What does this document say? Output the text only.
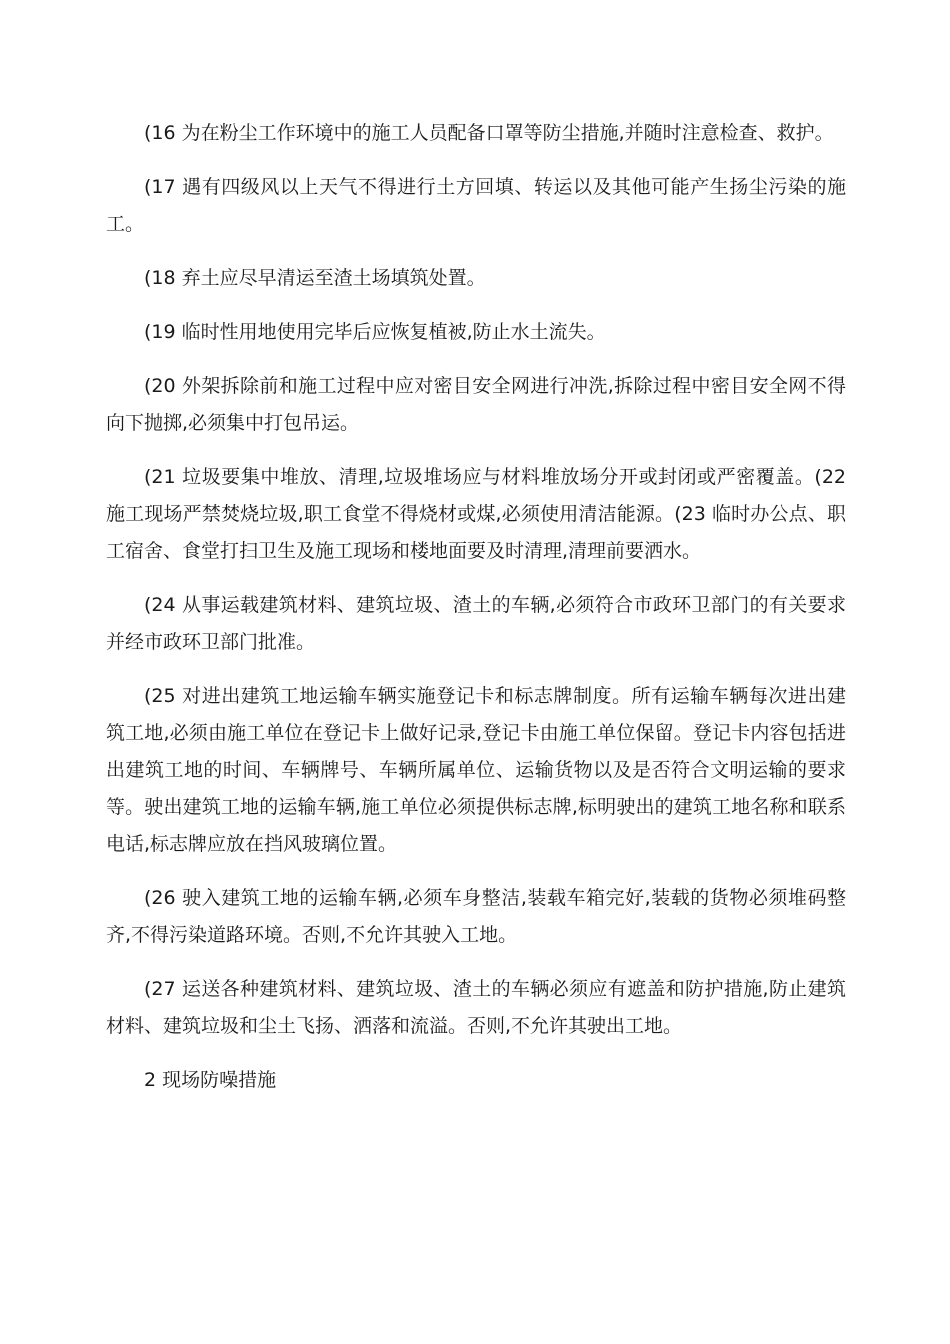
(16 为在粉尘工作环境中的施工人员配备口罩等防尘措施,并随时注意检查、救护。

(17 遇有四级风以上天气不得进行土方回填、转运以及其他可能产生扬尘污染的施工。

(18 弃土应尽早清运至渣土场填筑处置。

(19 临时性用地使用完毕后应恢复植被,防止水土流失。

(20 外架拆除前和施工过程中应对密目安全网进行冲洗,拆除过程中密目安全网不得向下抛掷,必须集中打包吊运。

(21 垃圾要集中堆放、清理,垃圾堆场应与材料堆放场分开或封闭或严密覆盖。(22 施工现场严禁焚烧垃圾,职工食堂不得烧材或煤,必须使用清洁能源。(23 临时办公点、职工宿舍、食堂打扫卫生及施工现场和楼地面要及时清理,清理前要洒水。

(24 从事运载建筑材料、建筑垃圾、渣土的车辆,必须符合市政环卫部门的有关要求并经市政环卫部门批准。

(25 对进出建筑工地运输车辆实施登记卡和标志牌制度。所有运输车辆每次进出建筑工地,必须由施工单位在登记卡上做好记录,登记卡由施工单位保留。登记卡内容包括进出建筑工地的时间、车辆牌号、车辆所属单位、运输货物以及是否符合文明运输的要求等。驶出建筑工地的运输车辆,施工单位必须提供标志牌,标明驶出的建筑工地名称和联系电话,标志牌应放在挡风玻璃位置。

(26 驶入建筑工地的运输车辆,必须车身整洁,装载车箱完好,装载的货物必须堆码整齐,不得污染道路环境。否则,不允许其驶入工地。

(27 运送各种建筑材料、建筑垃圾、渣土的车辆必须应有遮盖和防护措施,防止建筑材料、建筑垃圾和尘土飞扬、洒落和流溢。否则,不允许其驶出工地。

2 现场防噪措施
